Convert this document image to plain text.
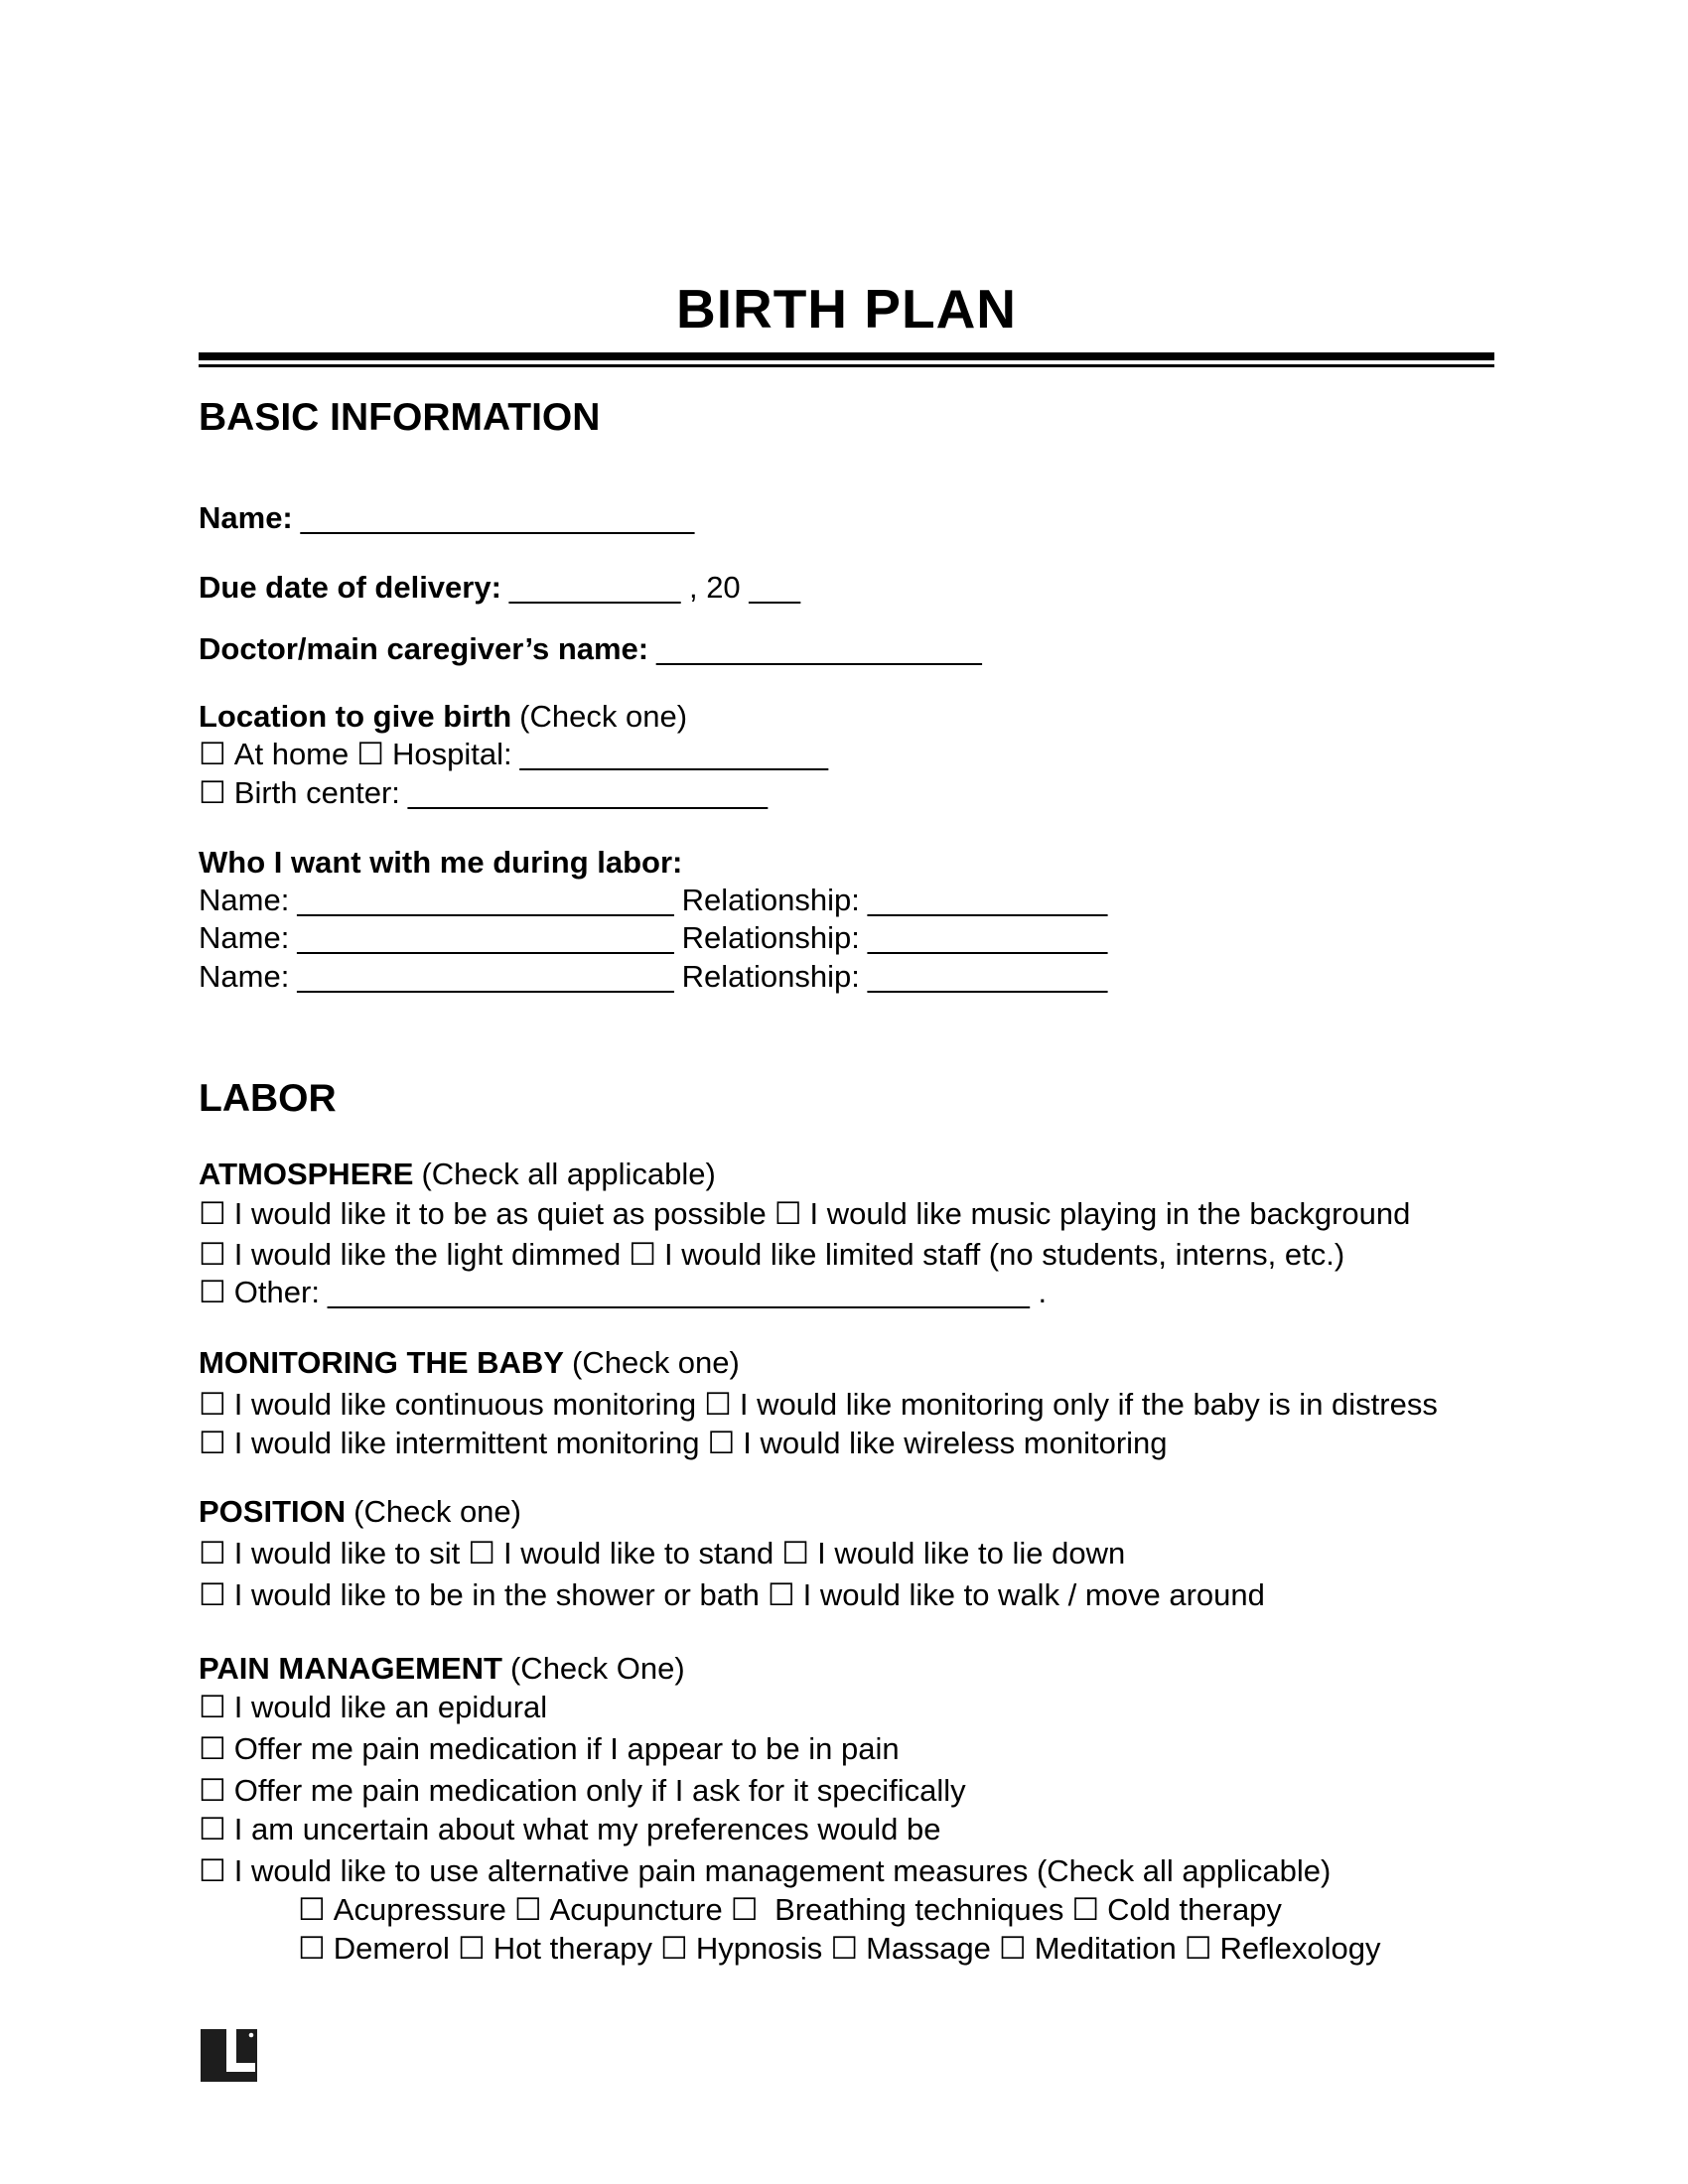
BIRTH PLAN
BASIC INFORMATION
Name: _______________________
Due date of delivery: __________ , 20 ___
Doctor/main caregiver’s name: ___________________
Location to give birth (Check one)
☐ At home ☐ Hospital: __________________
☐ Birth center: _____________________
Who I want with me during labor:
Name: ______________________ Relationship: ______________
Name: ______________________ Relationship: ______________
Name: ______________________ Relationship: ______________
LABOR
ATMOSPHERE (Check all applicable)
☐ I would like it to be as quiet as possible ☐ I would like music playing in the background
☐ I would like the light dimmed ☐ I would like limited staff (no students, interns, etc.)
☐ Other: _________________________________________ .
MONITORING THE BABY (Check one)
☐ I would like continuous monitoring ☐ I would like monitoring only if the baby is in distress
☐ I would like intermittent monitoring ☐ I would like wireless monitoring
POSITION (Check one)
☐ I would like to sit ☐ I would like to stand ☐ I would like to lie down
☐ I would like to be in the shower or bath ☐ I would like to walk / move around
PAIN MANAGEMENT (Check One)
☐ I would like an epidural
☐ Offer me pain medication if I appear to be in pain
☐ Offer me pain medication only if I ask for it specifically
☐ I am uncertain about what my preferences would be
☐ I would like to use alternative pain management measures (Check all applicable)
☐ Acupressure ☐ Acupuncture ☐ Breathing techniques ☐ Cold therapy
☐ Demerol ☐ Hot therapy ☐ Hypnosis ☐ Massage ☐ Meditation ☐ Reflexology
